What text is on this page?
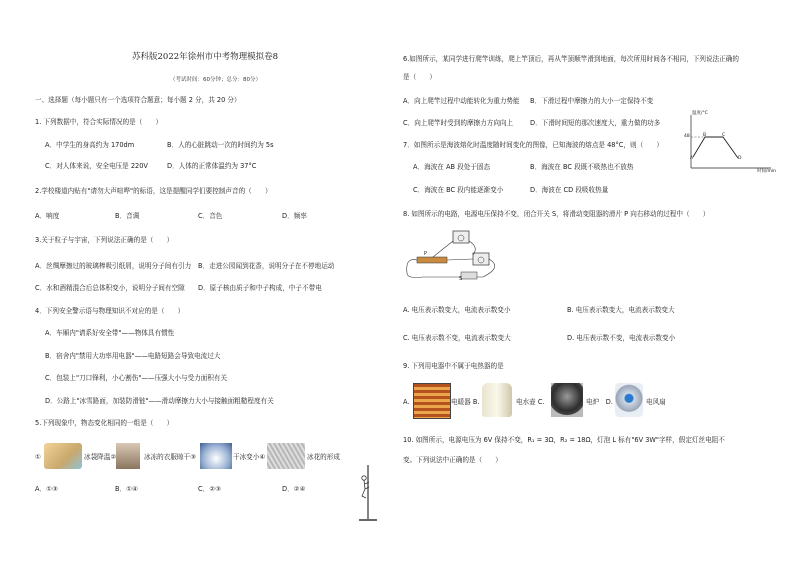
苏科版2022年徐州市中考物理模拟卷8
（考试时间：60分钟；总分：80分）
一、选择题（每小题只有一个选项符合题意；每小题 2 分，共 20 分）
1. 下列数据中，符合实际情况的是（　　）
A．中学生的身高约为 170dm	B．人的心脏跳动一次的时间约为 5s
C．对人体来说，安全电压是 220V	D．人体的正常体温约为 37°C
2.学校楼道内贴有"请勿大声喧哗"的标语，这是提醒同学们要控制声音的（　　）
A．响度	B．音调	C．音色	D．频率
3.关于粒子与宇宙，下列说法正确的是（　　）
A．丝绸摩擦过的玻璃棒吸引纸屑，说明分子间有引力 B．走进公园闻到花香，说明分子在不停地运动
C．水和酒精混合后总体积变小，说明分子间有空隙 D．原子核由质子和中子构成，中子不带电
4．下列安全警示语与物理知识不对应的是（　　）
A．车厢内"请系好安全带"——物体具有惯性
B．宿舍内"禁用大功率用电器"——电路短路会导致电流过大
C．包装上"刀口锋利，小心割伤"——压强大小与受力面积有关
D．公路上"冰雪路面，加装防滑链"——滑动摩擦力大小与接触面粗糙程度有关
5.下列现象中，物态变化相同的一组是（　　）
①	冰袋降温②	冰冻的衣服晾干③	干冰变小④	冰花的形成
A．①③	B．①④	C．②③	D．②④
6.如图所示，某同学进行爬竿训练，爬上竿顶后，再从竿顶顺竿滑到地面，每次所用时间各不相同，下列说法正确的
是（　　）
A．向上爬竿过程中动能转化为重力势能 B．下滑过程中摩擦力的大小一定保持不变
C．向上爬竿时受到的摩擦力方向向上	D．下滑时间短的那次速度大，重力做的功多
7．如图所示是海波熔化时温度随时间变化的图像，已知海波的熔点是 48°C，则（　　）
A．海波在 AB 段处于固态	B．海波在 BC 段既不吸热也不放热
C．海波在 BC 段内能逐渐变小	D．海波在 CD 段吸收热量
温度/°C
时间/min
48
A
B	C
D
8. 如图所示的电路，电源电压保持不变，闭合开关 S，将滑动变阻器的滑片 P 向右移动的过程中（　　）
P
S
A. 电压表示数变大，电流表示数变小	B. 电压表示数变大，电流表示数变大
C. 电压表示数不变，电流表示数变大	D. 电压表示数不变，电流表示数变小
9. 下列用电器中不属于电热器的是
A.	电暖器 B.	电水壶 C.	电炉　D.	电风扇
10. 如图所示，电源电压为 6V 保持不变，R₁ = 3Ω，R₂ = 18Ω，灯泡 L 标有"6V 3W"字样，假定灯丝电阻不
变。下列说法中正确的是（　　）
